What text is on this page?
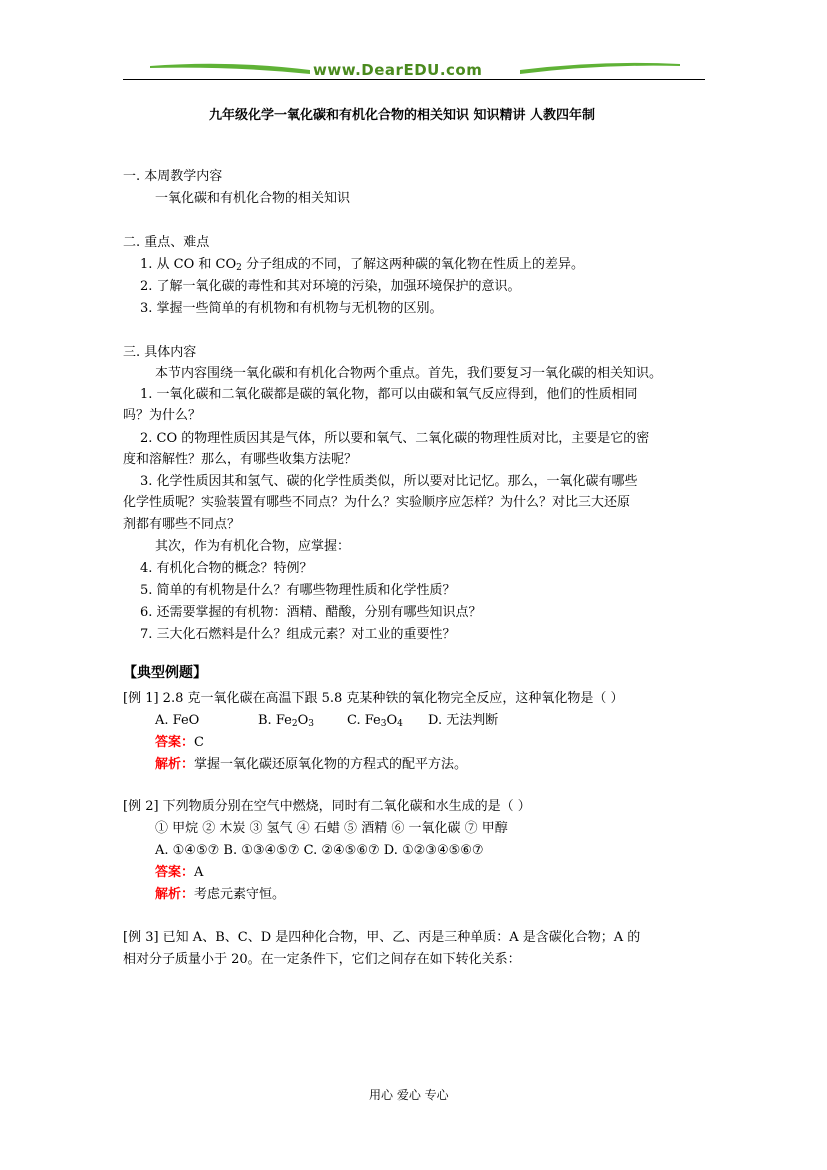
www.DearEDU.com
九年级化学一氧化碳和有机化合物的相关知识 知识精讲 人教四年制
一. 本周教学内容
一氧化碳和有机化合物的相关知识
二. 重点、难点
1. 从 CO 和 $CO_2$ 分子组成的不同，了解这两种碳的氧化物在性质上的差异。
2. 了解一氧化碳的毒性和其对环境的污染，加强环境保护的意识。
3. 掌握一些简单的有机物和有机物与无机物的区别。
三. 具体内容
本节内容围绕一氧化碳和有机化合物两个重点。首先，我们要复习一氧化碳的相关知识。
1. 一氧化碳和二氧化碳都是碳的氧化物，都可以由碳和氧气反应得到，他们的性质相同
吗？为什么？
2. CO 的物理性质因其是气体，所以要和氧气、二氧化碳的物理性质对比，主要是它的密
度和溶解性？那么，有哪些收集方法呢？
3. 化学性质因其和氢气、碳的化学性质类似，所以要对比记忆。那么，一氧化碳有哪些
化学性质呢？实验装置有哪些不同点？为什么？实验顺序应怎样？为什么？对比三大还原
剂都有哪些不同点？
其次，作为有机化合物，应掌握：
4. 有机化合物的概念？特例？
5. 简单的有机物是什么？有哪些物理性质和化学性质？
6. 还需要掌握的有机物：酒精、醋酸，分别有哪些知识点？
7. 三大化石燃料是什么？组成元素？对工业的重要性？
【典型例题】
[例 1] 2.8 克一氧化碳在高温下跟 5.8 克某种铁的氧化物完全反应，这种氧化物是（ ）
A. FeO	B. $Fe_2O_3$	C. $Fe_3O_4$ D. 无法判断
答案：C
解析：掌握一氧化碳还原氧化物的方程式的配平方法。
[例 2] 下列物质分别在空气中燃烧，同时有二氧化碳和水生成的是（ ）
① 甲烷 ② 木炭 ③ 氢气 ④ 石蜡 ⑤ 酒精 ⑥ 一氧化碳 ⑦ 甲醇
A. ①④⑤⑦ B. ①③④⑤⑦ C. ②④⑤⑥⑦ D. ①②③④⑤⑥⑦
答案：A
解析：考虑元素守恒。
[例 3] 已知 A、B、C、D 是四种化合物，甲、乙、丙是三种单质：A 是含碳化合物；A 的
相对分子质量小于 20。在一定条件下，它们之间存在如下转化关系：
用心 爱心 专心
